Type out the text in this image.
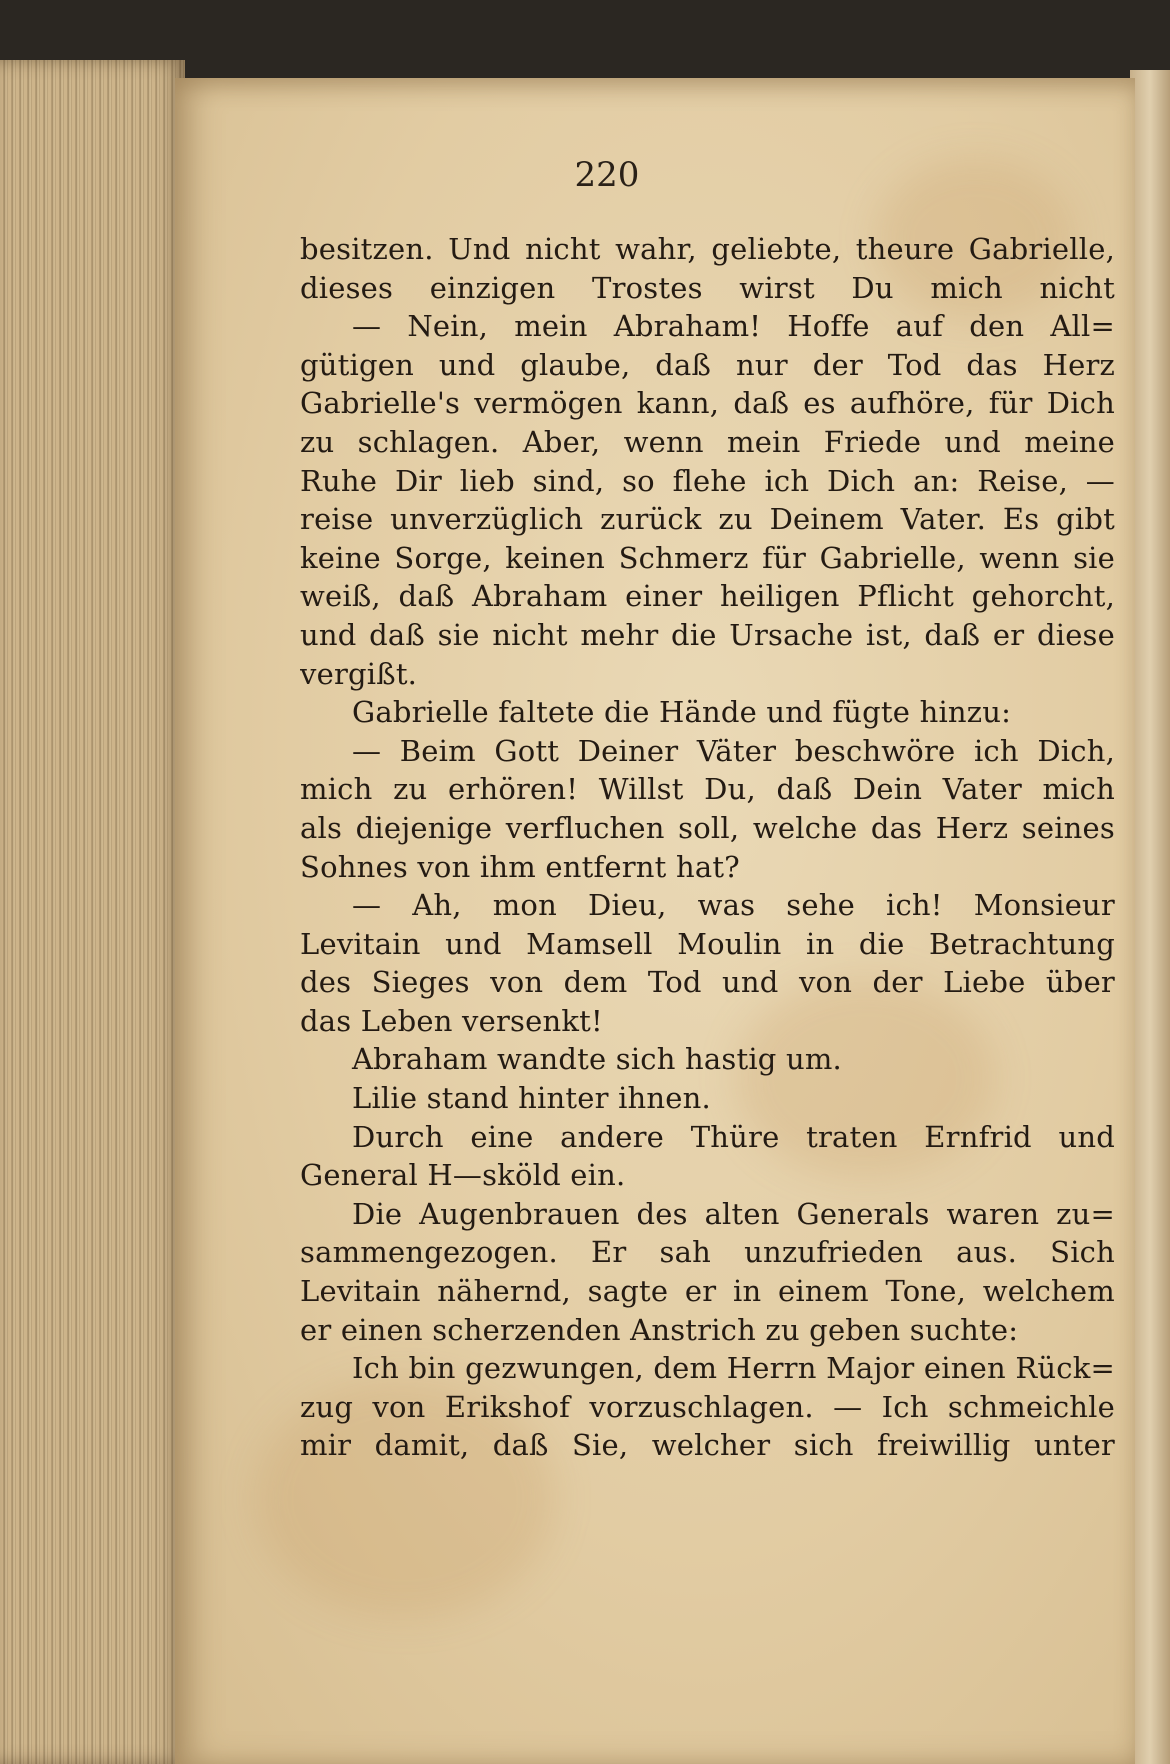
220
besitzen. Und nicht wahr, geliebte, theure Gabrielle,
dieses einzigen Trostes wirst Du mich nicht
— Nein, mein Abraham! Hoffe auf den All=
gütigen und glaube, daß nur der Tod das Herz
Gabrielle's vermögen kann, daß es aufhöre, für Dich
zu schlagen. Aber, wenn mein Friede und meine
Ruhe Dir lieb sind, so flehe ich Dich an: Reise, —
reise unverzüglich zurück zu Deinem Vater. Es gibt
keine Sorge, keinen Schmerz für Gabrielle, wenn sie
weiß, daß Abraham einer heiligen Pflicht gehorcht,
und daß sie nicht mehr die Ursache ist, daß er diese
vergißt.
Gabrielle faltete die Hände und fügte hinzu:
— Beim Gott Deiner Väter beschwöre ich Dich,
mich zu erhören! Willst Du, daß Dein Vater mich
als diejenige verfluchen soll, welche das Herz seines
Sohnes von ihm entfernt hat?
— Ah, mon Dieu, was sehe ich! Monsieur
Levitain und Mamsell Moulin in die Betrachtung
des Sieges von dem Tod und von der Liebe über
das Leben versenkt!
Abraham wandte sich hastig um.
Lilie stand hinter ihnen.
Durch eine andere Thüre traten Ernfrid und
General H—sköld ein.
Die Augenbrauen des alten Generals waren zu=
sammengezogen. Er sah unzufrieden aus. Sich
Levitain nähernd, sagte er in einem Tone, welchem
er einen scherzenden Anstrich zu geben suchte:
Ich bin gezwungen, dem Herrn Major einen Rück=
zug von Erikshof vorzuschlagen. — Ich schmeichle
mir damit, daß Sie, welcher sich freiwillig unter
